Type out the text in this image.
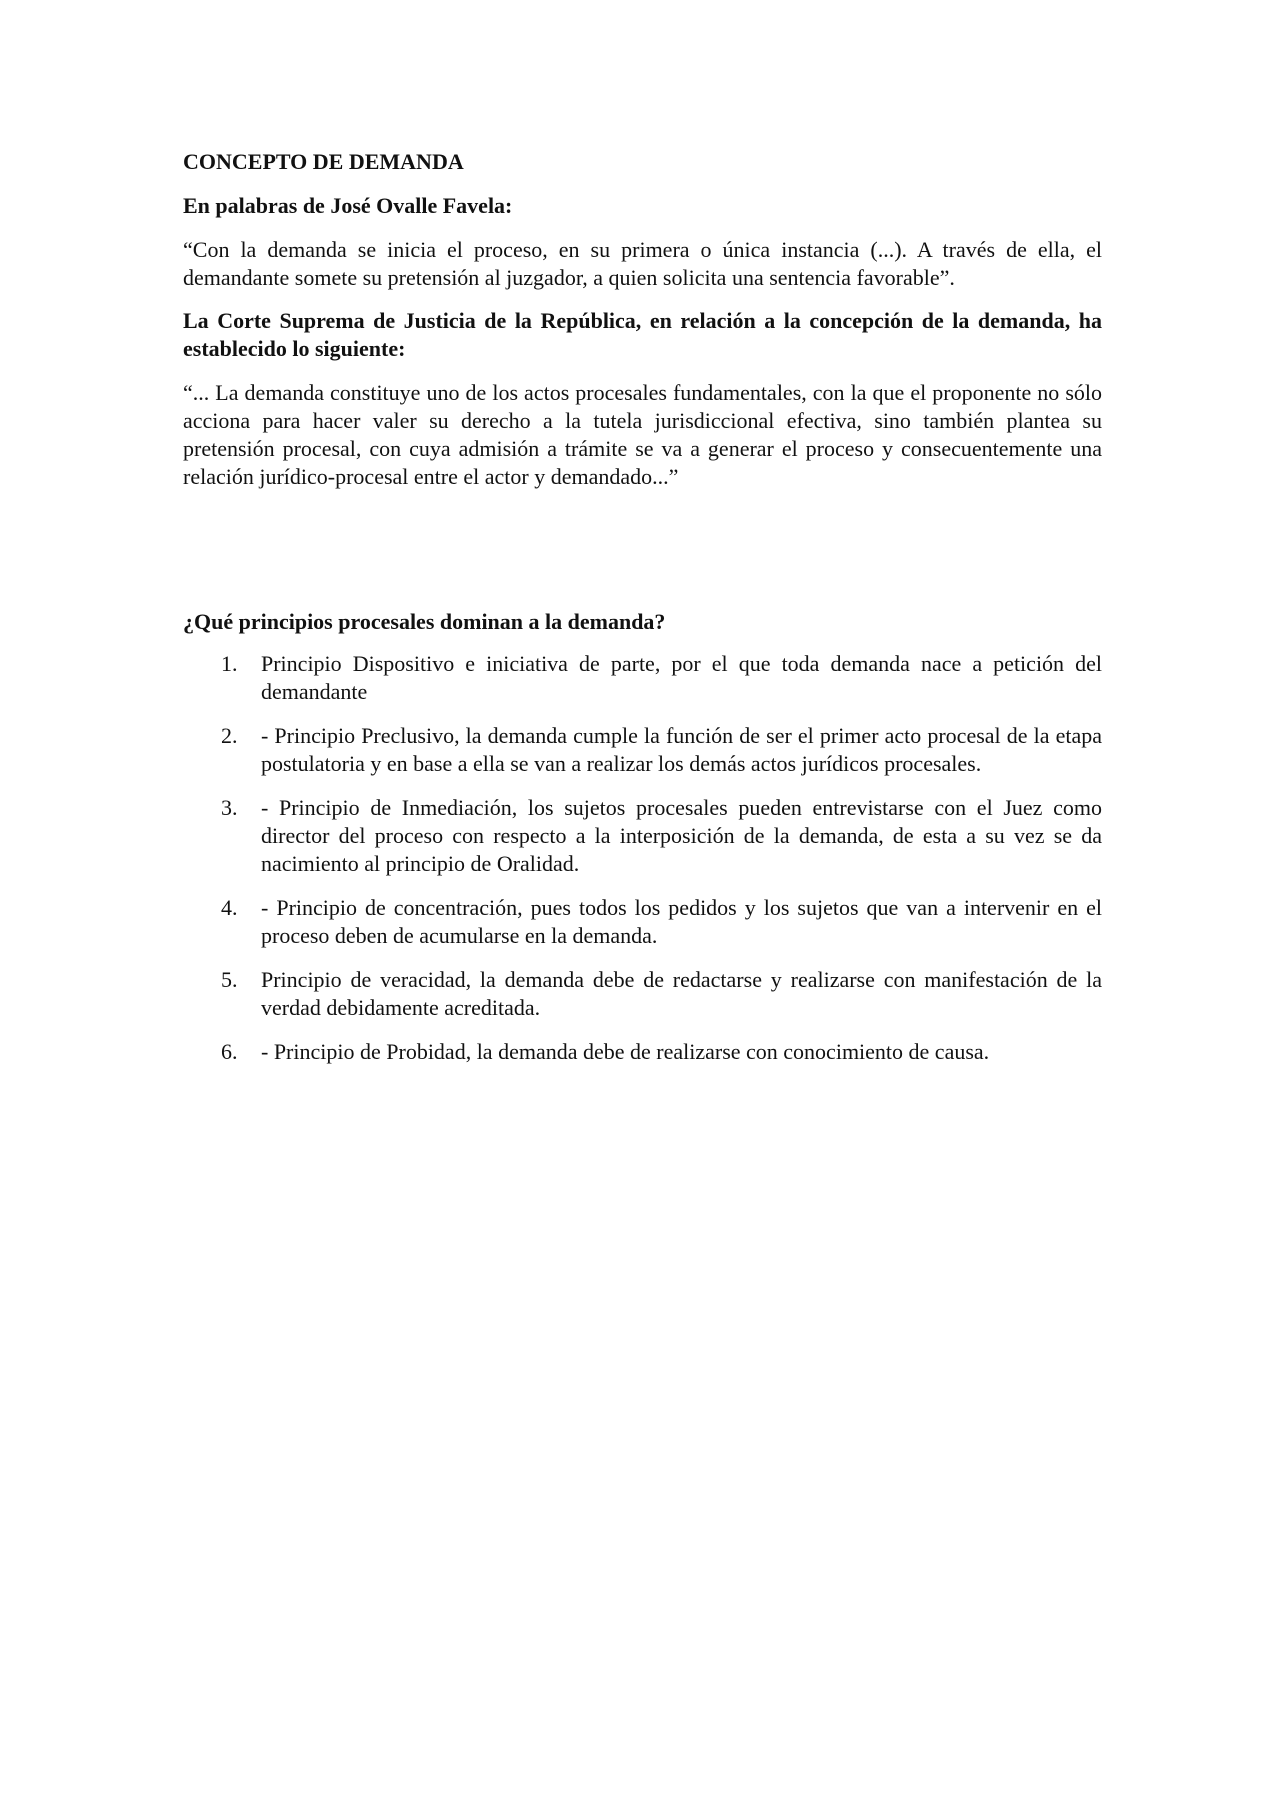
CONCEPTO DE DEMANDA

En palabras de José Ovalle Favela:

“Con la demanda se inicia el proceso, en su primera o única instancia (...). A través de ella, el demandante somete su pretensión al juzgador, a quien solicita una sentencia favorable”.

La Corte Suprema de Justicia de la República, en relación a la concepción de la demanda, ha establecido lo siguiente:

“... La demanda constituye uno de los actos procesales fundamentales, con la que el proponente no sólo acciona para hacer valer su derecho a la tutela jurisdiccional efectiva, sino también plantea su pretensión procesal, con cuya admisión a trámite se va a generar el proceso y consecuentemente una relación jurídico-procesal entre el actor y demandado...”

¿Qué principios procesales dominan a la demanda?

1.	Principio Dispositivo e iniciativa de parte, por el que toda demanda nace a petición del demandante
2.	- Principio Preclusivo, la demanda cumple la función de ser el primer acto procesal de la etapa postulatoria y en base a ella se van a realizar los demás actos jurídicos procesales.
3.	- Principio de Inmediación, los sujetos procesales pueden entrevistarse con el Juez como director del proceso con respecto a la interposición de la demanda, de esta a su vez se da nacimiento al principio de Oralidad.
4.	- Principio de concentración, pues todos los pedidos y los sujetos que van a intervenir en el proceso deben de acumularse en la demanda.
5.	Principio de veracidad, la demanda debe de redactarse y realizarse con manifestación de la verdad debidamente acreditada.
6.	- Principio de Probidad, la demanda debe de realizarse con conocimiento de causa.
